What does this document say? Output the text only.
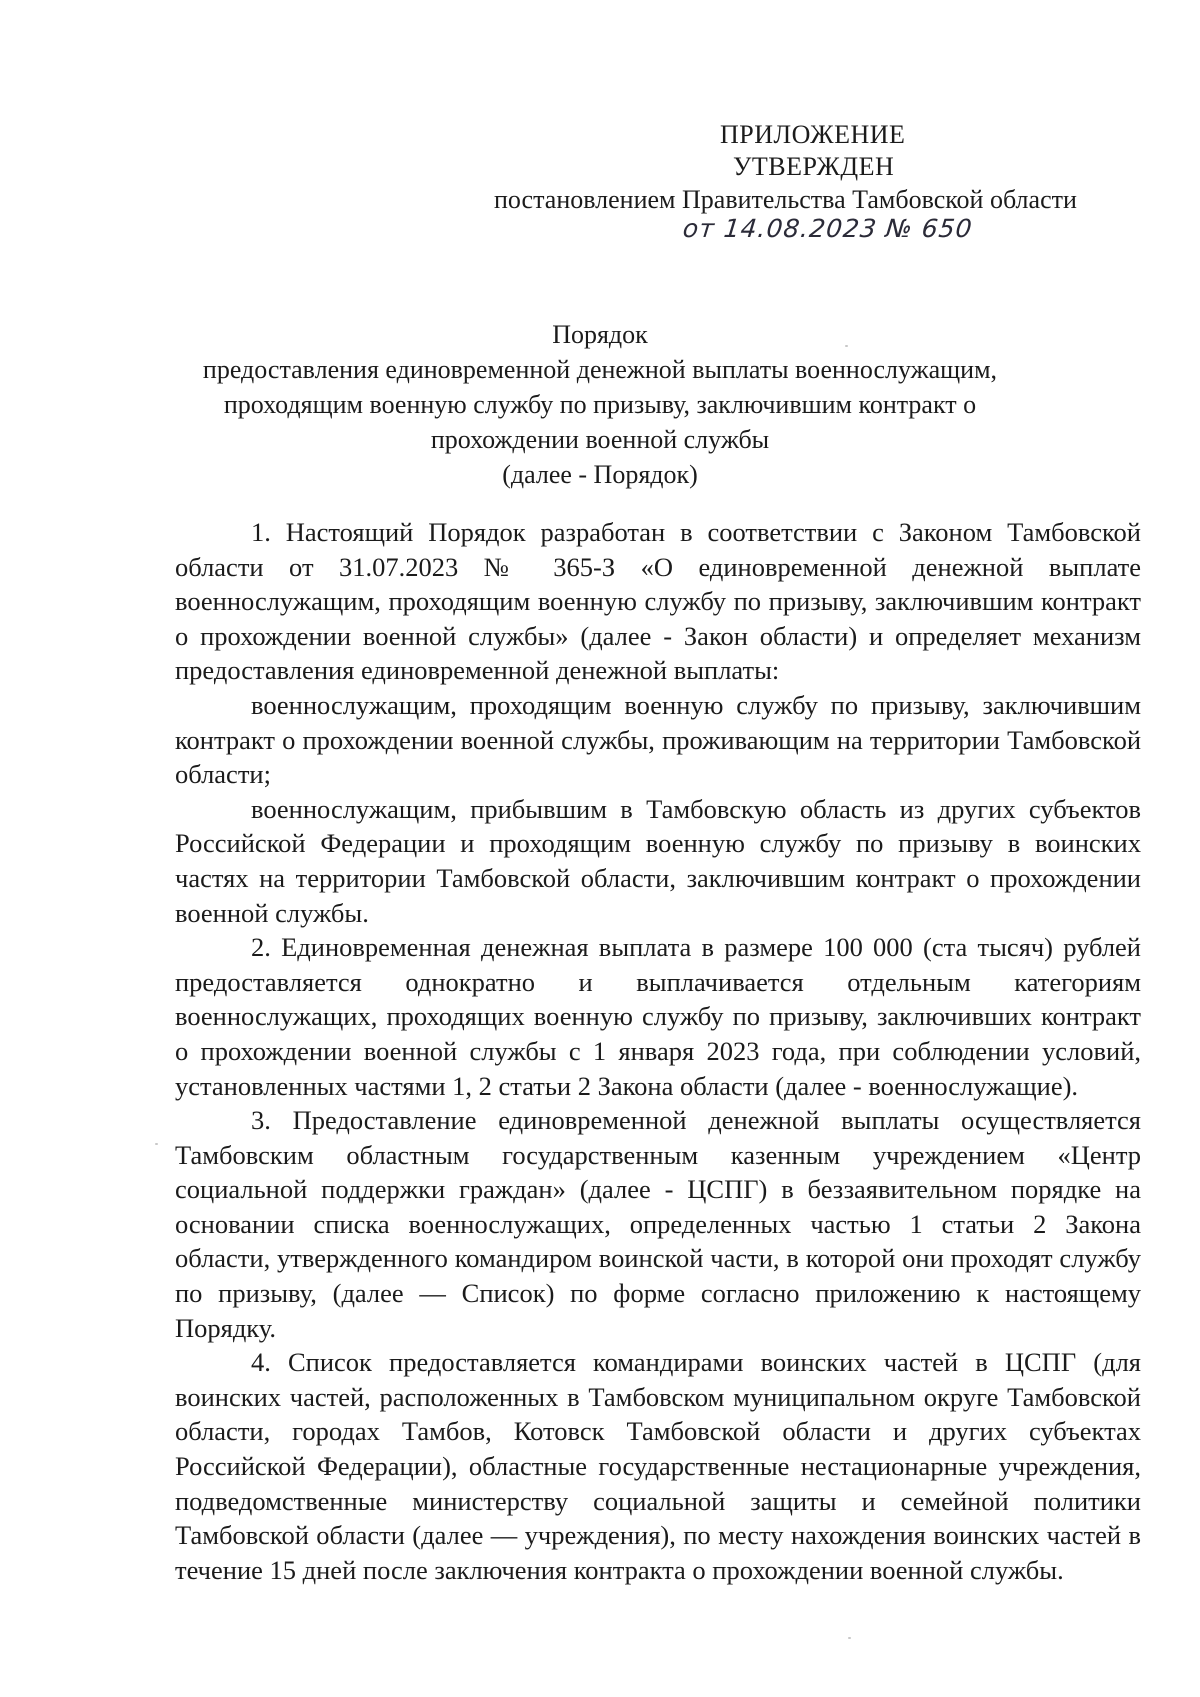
ПРИЛОЖЕНИЕ
УТВЕРЖДЕН
постановлением Правительства Тамбовской области
от 14.08.2023 № 650
Порядок
предоставления единовременной денежной выплаты военнослужащим,
проходящим военную службу по призыву, заключившим контракт о
прохождении военной службы
(далее - Порядок)

1. Настоящий Порядок разработан в соответствии с Законом Тамбовской области от 31.07.2023 № 365-З «О единовременной денежной выплате военнослужащим, проходящим военную службу по призыву, заключившим контракт о прохождении военной службы» (далее - Закон области) и определяет механизм предоставления единовременной денежной выплаты:

военнослужащим, проходящим военную службу по призыву, заключившим контракт о прохождении военной службы, проживающим на территории Тамбовской области;

военнослужащим, прибывшим в Тамбовскую область из других субъектов Российской Федерации и проходящим военную службу по призыву в воинских частях на территории Тамбовской области, заключившим контракт о прохождении военной службы.

2. Единовременная денежная выплата в размере 100 000 (ста тысяч) рублей предоставляется однократно и выплачивается отдельным категориям военнослужащих, проходящих военную службу по призыву, заключивших контракт о прохождении военной службы с 1 января 2023 года, при соблюдении условий, установленных частями 1, 2 статьи 2 Закона области (далее - военнослужащие).

3. Предоставление единовременной денежной выплаты осуществляется Тамбовским областным государственным казенным учреждением «Центр социальной поддержки граждан» (далее - ЦСПГ) в беззаявительном порядке на основании списка военнослужащих, определенных частью 1 статьи 2 Закона области, утвержденного командиром воинской части, в которой они проходят службу по призыву, (далее — Список) по форме согласно приложению к настоящему Порядку.

4. Список предоставляется командирами воинских частей в ЦСПГ (для воинских частей, расположенных в Тамбовском муниципальном округе Тамбовской области, городах Тамбов, Котовск Тамбовской области и других субъектах Российской Федерации), областные государственные нестационарные учреждения, подведомственные министерству социальной защиты и семейной политики Тамбовской области (далее — учреждения), по месту нахождения воинских частей в течение 15 дней после заключения контракта о прохождении военной службы.
